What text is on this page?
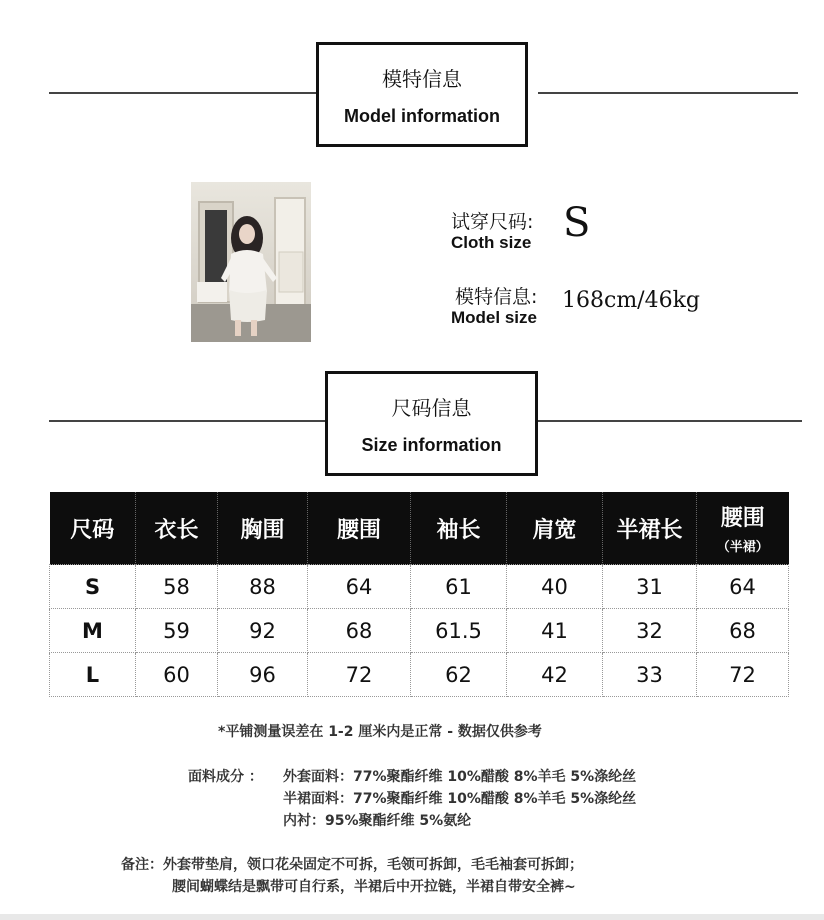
模特信息
Model information
试穿尺码:
Cloth size S
模特信息:
Model size
168cm/46kg
尺码信息
Size information
尺码	衣长	胸围	腰围	袖长	肩宽	半裙长	腰围
（半裙）

S	58	88	64	61	40	31	64
M	59	92	68	61.5	41	32	68
L	60	96	72	62	42	33	72
*平铺测量误差在 1-2 厘米内是正常 - 数据仅供参考
面料成分 ： 外套面料：77%聚酯纤维 10%醋酸 8%羊毛 5%涤纶丝
半裙面料：77%聚酯纤维 10%醋酸 8%羊毛 5%涤纶丝
内衬：95%聚酯纤维 5%氨纶
备注：外套带垫肩，领口花朵固定不可拆，毛领可拆卸，毛毛袖套可拆卸；
腰间蝴蝶结是飘带可自行系，半裙后中开拉链，半裙自带安全裤~
